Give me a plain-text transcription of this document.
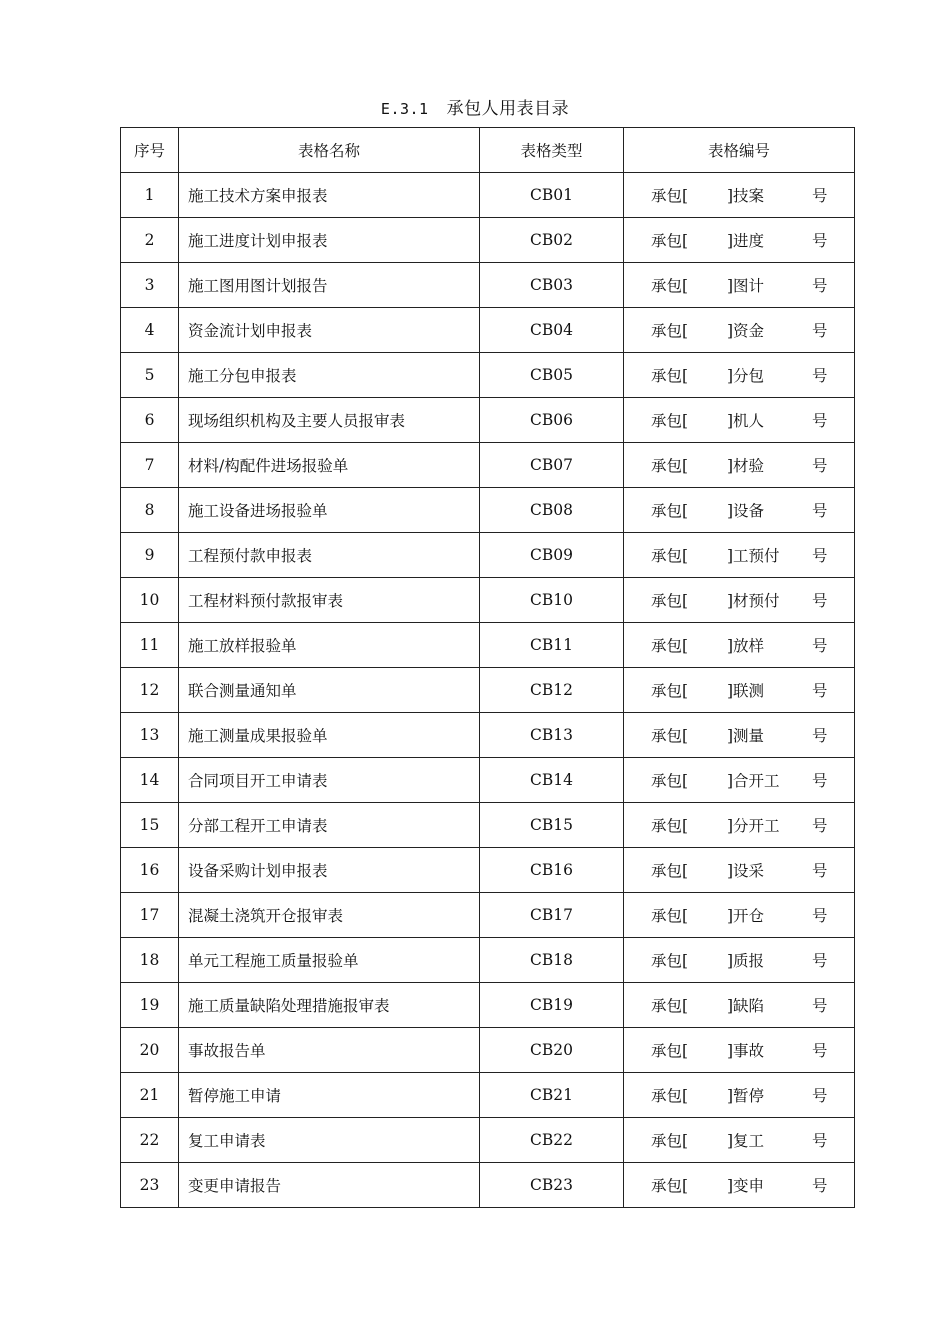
E.3.1 承包人用表目录
序号	表格名称	表格类型	表格编号
1	施工技术方案申报表	CB01	承包[ ]技案 号

2	施工进度计划申报表	CB02	承包[ ]进度 号

3	施工图用图计划报告	CB03	承包[ ]图计 号

4	资金流计划申报表	CB04	承包[ ]资金 号

5	施工分包申报表	CB05	承包[ ]分包 号

6	现场组织机构及主要人员报审表	CB06	承包[ ]机人 号

7	材料/构配件进场报验单	CB07	承包[ ]材验 号

8	施工设备进场报验单	CB08	承包[ ]设备 号

9	工程预付款申报表	CB09	承包[ ]工预付 号

10	工程材料预付款报审表	CB10	承包[ ]材预付 号

11	施工放样报验单	CB11	承包[ ]放样 号

12	联合测量通知单	CB12	承包[ ]联测 号

13	施工测量成果报验单	CB13	承包[ ]测量 号

14	合同项目开工申请表	CB14	承包[ ]合开工 号

15	分部工程开工申请表	CB15	承包[ ]分开工 号

16	设备采购计划申报表	CB16	承包[ ]设采 号

17	混凝土浇筑开仓报审表	CB17	承包[ ]开仓 号

18	单元工程施工质量报验单	CB18	承包[ ]质报 号

19	施工质量缺陷处理措施报审表	CB19	承包[ ]缺陷 号

20	事故报告单	CB20	承包[ ]事故 号

21	暂停施工申请	CB21	承包[ ]暂停 号

22	复工申请表	CB22	承包[ ]复工 号

23	变更申请报告	CB23	承包[ ]变申 号
